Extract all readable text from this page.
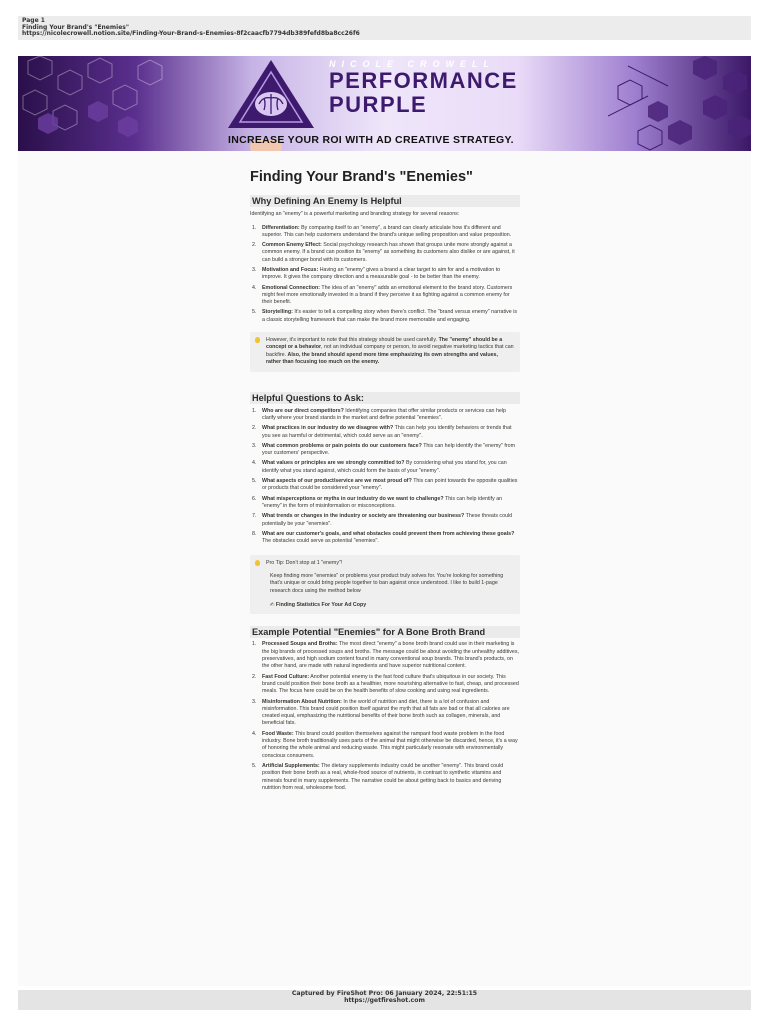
Page 1
Finding Your Brand's "Enemies"
https://nicolecrowell.notion.site/Finding-Your-Brand-s-Enemies-8f2caacfb7794db389fefd8ba8cc26f6
NICOLE CROWELL
PERFORMANCE
PURPLE
INCREASE YOUR ROI WITH AD CREATIVE STRATEGY.
Finding Your Brand's "Enemies"
Why Defining An Enemy Is Helpful
Identifying an "enemy" is a powerful marketing and branding strategy for several reasons:
1. Differentiation: By comparing itself to an "enemy", a brand can clearly articulate how it's different and superior. This can help customers understand the brand's unique selling proposition and value proposition.
2. Common Enemy Effect: Social psychology research has shown that groups unite more strongly against a common enemy. If a brand can position its "enemy" as something its customers also dislike or are against, it can build a stronger bond with its customers.
3. Motivation and Focus: Having an "enemy" gives a brand a clear target to aim for and a motivation to improve. It gives the company direction and a measurable goal - to be better than the enemy.
4. Emotional Connection: The idea of an "enemy" adds an emotional element to the brand story. Customers might feel more emotionally invested in a brand if they perceive it as fighting against a common enemy for their benefit.
5. Storytelling: It's easier to tell a compelling story when there's conflict. The "brand versus enemy" narrative is a classic storytelling framework that can make the brand more memorable and engaging.
However, it's important to note that this strategy should be used carefully. The "enemy" should be a concept or a behavior, not an individual company or person, to avoid negative marketing tactics that can backfire. Also, the brand should spend more time emphasizing its own strengths and values, rather than focusing too much on the enemy.
Helpful Questions to Ask:
1. Who are our direct competitors? Identifying companies that offer similar products or services can help clarify where your brand stands in the market and define potential "enemies".
2. What practices in our industry do we disagree with? This can help you identify behaviors or trends that you see as harmful or detrimental, which could serve as an "enemy".
3. What common problems or pain points do our customers face? This can help identify the "enemy" from your customers' perspective.
4. What values or principles are we strongly committed to? By considering what you stand for, you can identify what you stand against, which could form the basis of your "enemy".
5. What aspects of our product/service are we most proud of? This can point towards the opposite qualities or products that could be considered your "enemy".
6. What misperceptions or myths in our industry do we want to challenge? This can help identify an "enemy" in the form of misinformation or misconceptions.
7. What trends or changes in the industry or society are threatening our business? These threats could potentially be your "enemies".
8. What are our customer's goals, and what obstacles could prevent them from achieving these goals? The obstacles could serve as potential "enemies".
Pro Tip: Don't stop at 1 "enemy"!
Keep finding more "enemies" or problems your product truly solves for. You're looking for something that's unique or could bring people together to ban against once understood. I like to build 1-page research docs using the method below
✍ Finding Statistics For Your Ad Copy
Example Potential "Enemies" for A Bone Broth Brand
1. Processed Soups and Broths: The most direct "enemy" a bone broth brand could use in their marketing is the big brands of processed soups and broths. The message could be about avoiding the unhealthy additives, preservatives, and high sodium content found in many conventional soup brands. This brand's products, on the other hand, are made with natural ingredients and have superior nutritional content.
2. Fast Food Culture: Another potential enemy is the fast food culture that's ubiquitous in our society. This brand could position their bone broth as a healthier, more nourishing alternative to fast, cheap, and processed meals. The focus here could be on the health benefits of slow cooking and using real ingredients.
3. Misinformation About Nutrition: In the world of nutrition and diet, there is a lot of confusion and misinformation. This brand could position itself against the myth that all fats are bad or that all calories are created equal, emphasizing the nutritional benefits of their bone broth such as collagen, minerals, and beneficial fats.
4. Food Waste: This brand could position themselves against the rampant food waste problem in the food industry. Bone broth traditionally uses parts of the animal that might otherwise be discarded, hence, it's a way of honoring the whole animal and reducing waste. This might particularly resonate with environmentally conscious consumers.
5. Artificial Supplements: The dietary supplements industry could be another "enemy". This brand could position their bone broth as a real, whole-food source of nutrients, in contrast to synthetic vitamins and minerals found in many supplements. The narrative could be about getting back to basics and deriving nutrition from real, wholesome food.
Captured by FireShot Pro: 06 January 2024, 22:51:15
https://getfireshot.com
